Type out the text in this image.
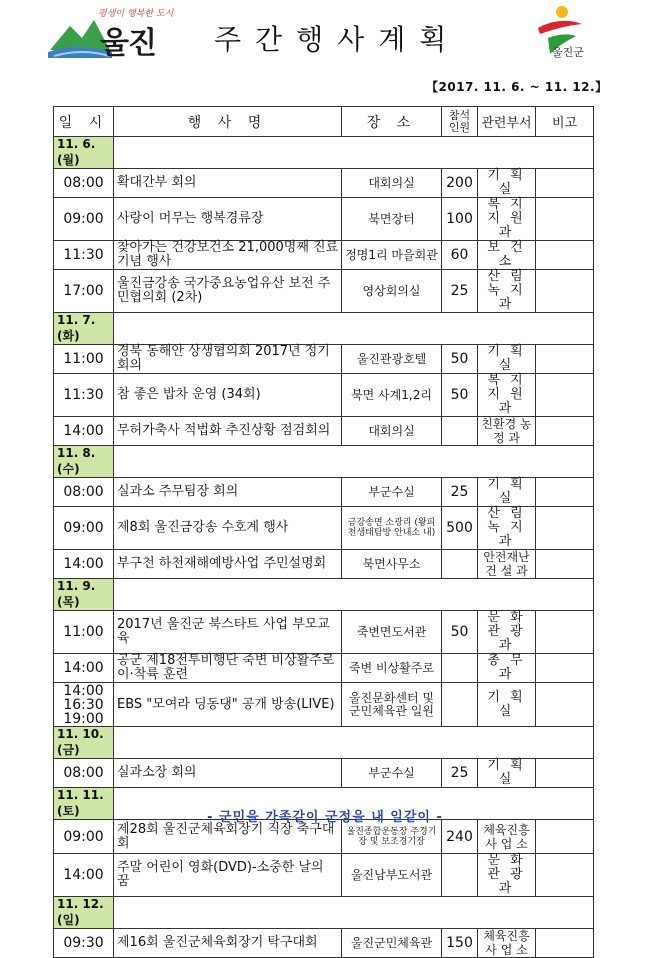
평생이 행복한 도시
울진 주간행사계획	울진군
【2017. 11. 6. ~ 11. 12.】
일 시	행 사 명	장 소	참석 인원	관련부서	비고
11. 6.(월)					
08:00	확대간부 회의	대회의실	200	기 획 실	
09:00	사랑이 머무는 행복경류장	북면장터	100	복 지 지 원 과	
11:30	찾아가는 건강보건소 21,000명째 진료기념 행사	정명1리 마을회관	60	보 건 소	
17:00	울진금강송 국가중요농업유산 보전 주민협의회 (2차)	영상회의실	25	산 림 녹 지 과	
11. 7.(화)					
11:00	경북 동해안 상생협의회 2017년 정기회의	울진관광호텔	50	기 획 실	
11:30	참 좋은 밥차 운영 (34회)	북면 사계1,2리	50	복 지 지 원 과	
14:00	무허가축사 적법화 추진상황 점검회의	대회의실		친환경 농 정 과	
11. 8.(수)					
08:00	실과소 주무팀장 회의	부군수실	25	기 획 실	
09:00	제8회 울진금강송 수호계 행사	금강송면 소광리 (왕피천생태탐방 안내소 내)	500	산 림 녹 지 과	
14:00	부구천 하천재해예방사업 주민설명회	북면사무소		안전재난 건 설 과	
11. 9.(목)					
11:00	2017년 울진군 북스타트 사업 부모교육	죽변면도서관	50	문 화 관 광 과	
14:00	공군 제18전투비행단 죽변 비상활주로 이·착륙 훈련	죽변 비상활주로		총 무 과	
14:00 16:30 19:00	EBS "모여라 딩동댕" 공개 방송(LIVE)	울진문화센터 및 군민체육관 일원		기 획 실	
11. 10.(금)					
08:00	실과소장 회의	부군수실	25	기 획 실	
11. 11.(토)					
09:00	제28회 울진군체육회장기 직장 축구대회	울진종합운동장 주경기장 및 보조경기장	240	체육진흥 사 업 소	
14:00	주말 어린이 영화(DVD)-소중한 날의 꿈	울진남부도서관		문 화 관 광 과	
11. 12.(일)					
09:30	제16회 울진군체육회장기 탁구대회	울진군민체육관	150	체육진흥 사 업 소	
- 군민을 가족같이 군정을 내 일같이 -
